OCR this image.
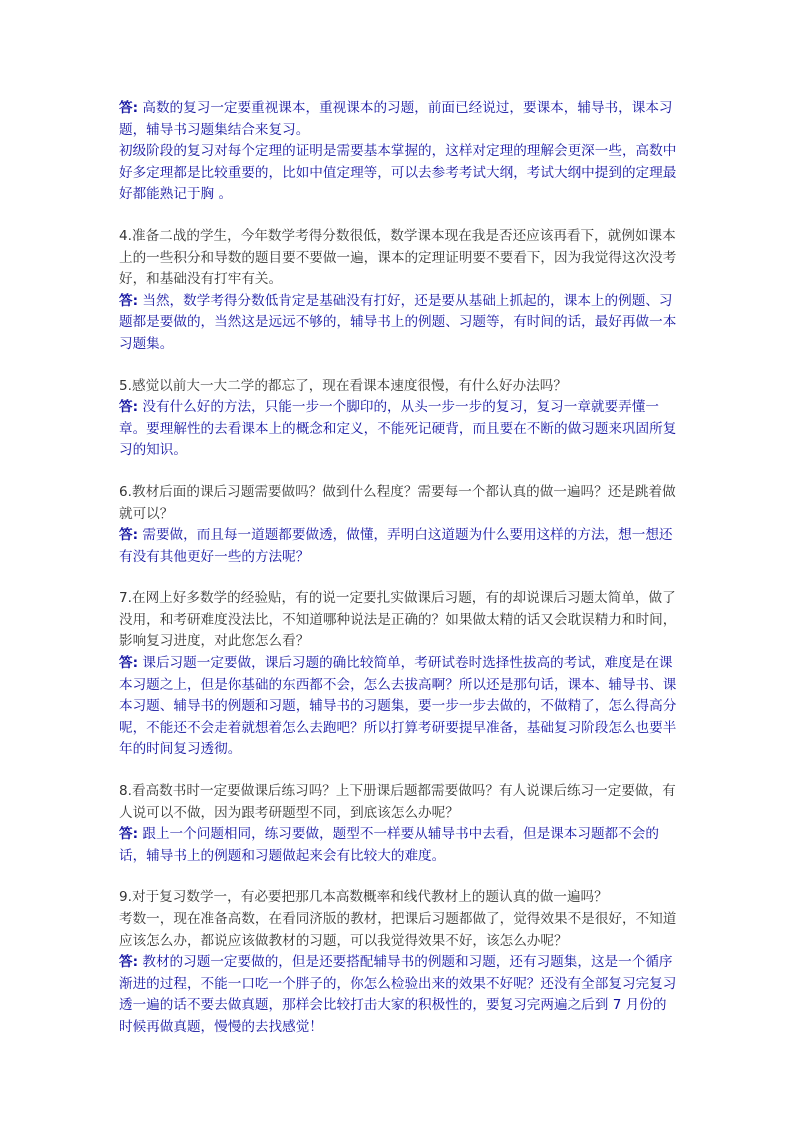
答: 高数的复习一定要重视课本，重视课本的习题，前面已经说过，要课本，辅导书，课本习题，辅导书习题集结合来复习。

初级阶段的复习对每个定理的证明是需要基本掌握的，这样对定理的理解会更深一些，高数中好多定理都是比较重要的，比如中值定理等，可以去参考考试大纲，考试大纲中提到的定理最好都能熟记于胸 。

4.准备二战的学生，今年数学考得分数很低，数学课本现在我是否还应该再看下，就例如课本上的一些积分和导数的题目要不要做一遍，课本的定理证明要不要看下，因为我觉得这次没考好，和基础没有打牢有关。

答: 当然，数学考得分数低肯定是基础没有打好，还是要从基础上抓起的，课本上的例题、习题都是要做的，当然这是远远不够的，辅导书上的例题、习题等，有时间的话，最好再做一本习题集。

5.感觉以前大一大二学的都忘了，现在看课本速度很慢，有什么好办法吗？

答: 没有什么好的方法，只能一步一个脚印的，从头一步一步的复习，复习一章就要弄懂一章。要理解性的去看课本上的概念和定义，不能死记硬背，而且要在不断的做习题来巩固所复习的知识。

6.教材后面的课后习题需要做吗？做到什么程度？需要每一个都认真的做一遍吗？还是跳着做就可以？

答: 需要做，而且每一道题都要做透，做懂，弄明白这道题为什么要用这样的方法，想一想还有没有其他更好一些的方法呢？

7.在网上好多数学的经验贴，有的说一定要扎实做课后习题，有的却说课后习题太简单，做了没用，和考研难度没法比，不知道哪种说法是正确的？如果做太精的话又会耽误精力和时间，影响复习进度，对此您怎么看？

答: 课后习题一定要做，课后习题的确比较简单，考研试卷时选择性拔高的考试，难度是在课本习题之上，但是你基础的东西都不会，怎么去拔高啊？所以还是那句话，课本、辅导书、课本习题、辅导书的例题和习题，辅导书的习题集，要一步一步去做的，不做精了，怎么得高分呢，不能还不会走着就想着怎么去跑吧？所以打算考研要提早准备，基础复习阶段怎么也要半年的时间复习透彻。

8.看高数书时一定要做课后练习吗？上下册课后题都需要做吗？有人说课后练习一定要做，有人说可以不做，因为跟考研题型不同，到底该怎么办呢？

答: 跟上一个问题相同，练习要做，题型不一样要从辅导书中去看，但是课本习题都不会的话，辅导书上的例题和习题做起来会有比较大的难度。

9.对于复习数学一，有必要把那几本高数概率和线代教材上的题认真的做一遍吗？

考数一，现在准备高数，在看同济版的教材，把课后习题都做了，觉得效果不是很好，不知道应该怎么办，都说应该做教材的习题，可以我觉得效果不好，该怎么办呢？

答: 教材的习题一定要做的，但是还要搭配辅导书的例题和习题，还有习题集，这是一个循序渐进的过程，不能一口吃一个胖子的，你怎么检验出来的效果不好呢？还没有全部复习完复习透一遍的话不要去做真题，那样会比较打击大家的积极性的，要复习完两遍之后到 7 月份的时候再做真题，慢慢的去找感觉！
